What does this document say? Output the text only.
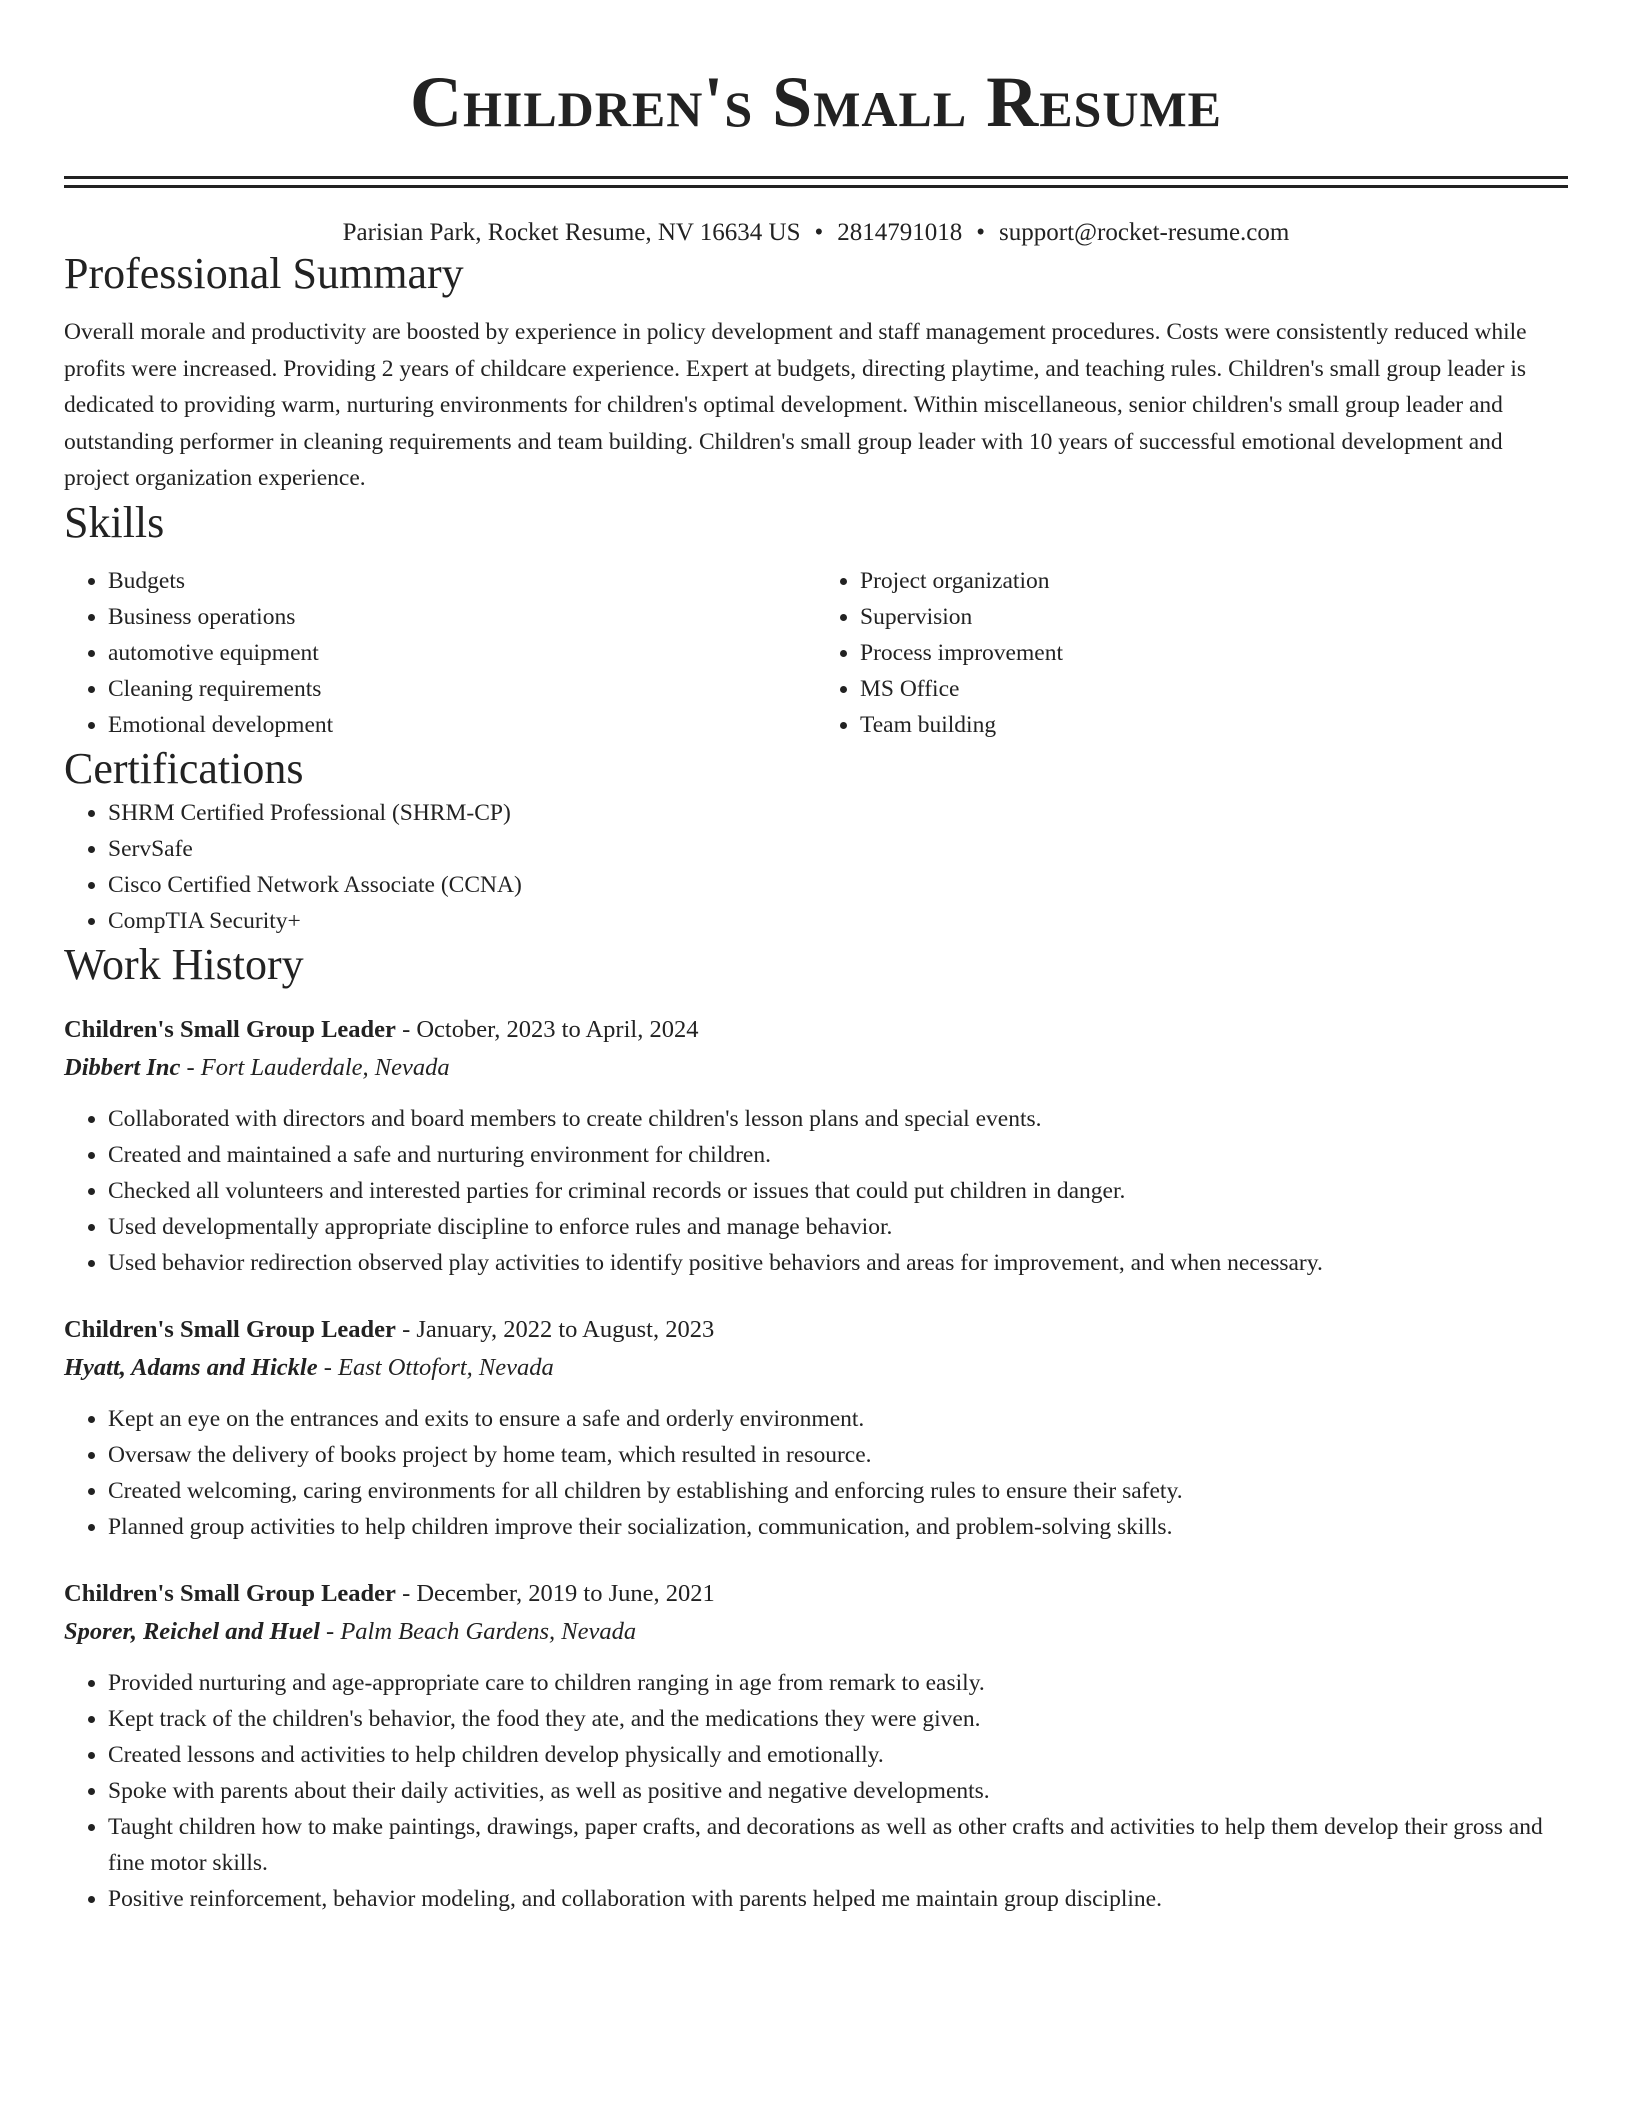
Children's Small Resume
Parisian Park, Rocket Resume, NV 16634 US • 2814791018 • support@rocket-resume.com
Professional Summary

Overall morale and productivity are boosted by experience in policy development and staff management procedures. Costs were consistently reduced while profits were increased. Providing 2 years of childcare experience. Expert at budgets, directing playtime, and teaching rules. Children's small group leader is dedicated to providing warm, nurturing environments for children's optimal development. Within miscellaneous, senior children's small group leader and outstanding performer in cleaning requirements and team building. Children's small group leader with 10 years of successful emotional development and project organization experience.

Skills
• Budgets
• Business operations
• automotive equipment
• Cleaning requirements
• Emotional development
• Project organization
• Supervision
• Process improvement
• MS Office
• Team building
Certifications
• SHRM Certified Professional (SHRM-CP)
• ServSafe
• Cisco Certified Network Associate (CCNA)
• CompTIA Security+
Work History
Children's Small Group Leader - October, 2023 to April, 2024
Dibbert Inc - Fort Lauderdale, Nevada
• Collaborated with directors and board members to create children's lesson plans and special events.
• Created and maintained a safe and nurturing environment for children.
• Checked all volunteers and interested parties for criminal records or issues that could put children in danger.
• Used developmentally appropriate discipline to enforce rules and manage behavior.
• Used behavior redirection observed play activities to identify positive behaviors and areas for improvement, and when necessary.
Children's Small Group Leader - January, 2022 to August, 2023
Hyatt, Adams and Hickle - East Ottofort, Nevada
• Kept an eye on the entrances and exits to ensure a safe and orderly environment.
• Oversaw the delivery of books project by home team, which resulted in resource.
• Created welcoming, caring environments for all children by establishing and enforcing rules to ensure their safety.
• Planned group activities to help children improve their socialization, communication, and problem-solving skills.
Children's Small Group Leader - December, 2019 to June, 2021
Sporer, Reichel and Huel - Palm Beach Gardens, Nevada
• Provided nurturing and age-appropriate care to children ranging in age from remark to easily.
• Kept track of the children's behavior, the food they ate, and the medications they were given.
• Created lessons and activities to help children develop physically and emotionally.
• Spoke with parents about their daily activities, as well as positive and negative developments.
• Taught children how to make paintings, drawings, paper crafts, and decorations as well as other crafts and activities to help them develop their gross and fine motor skills.
• Positive reinforcement, behavior modeling, and collaboration with parents helped me maintain group discipline.
